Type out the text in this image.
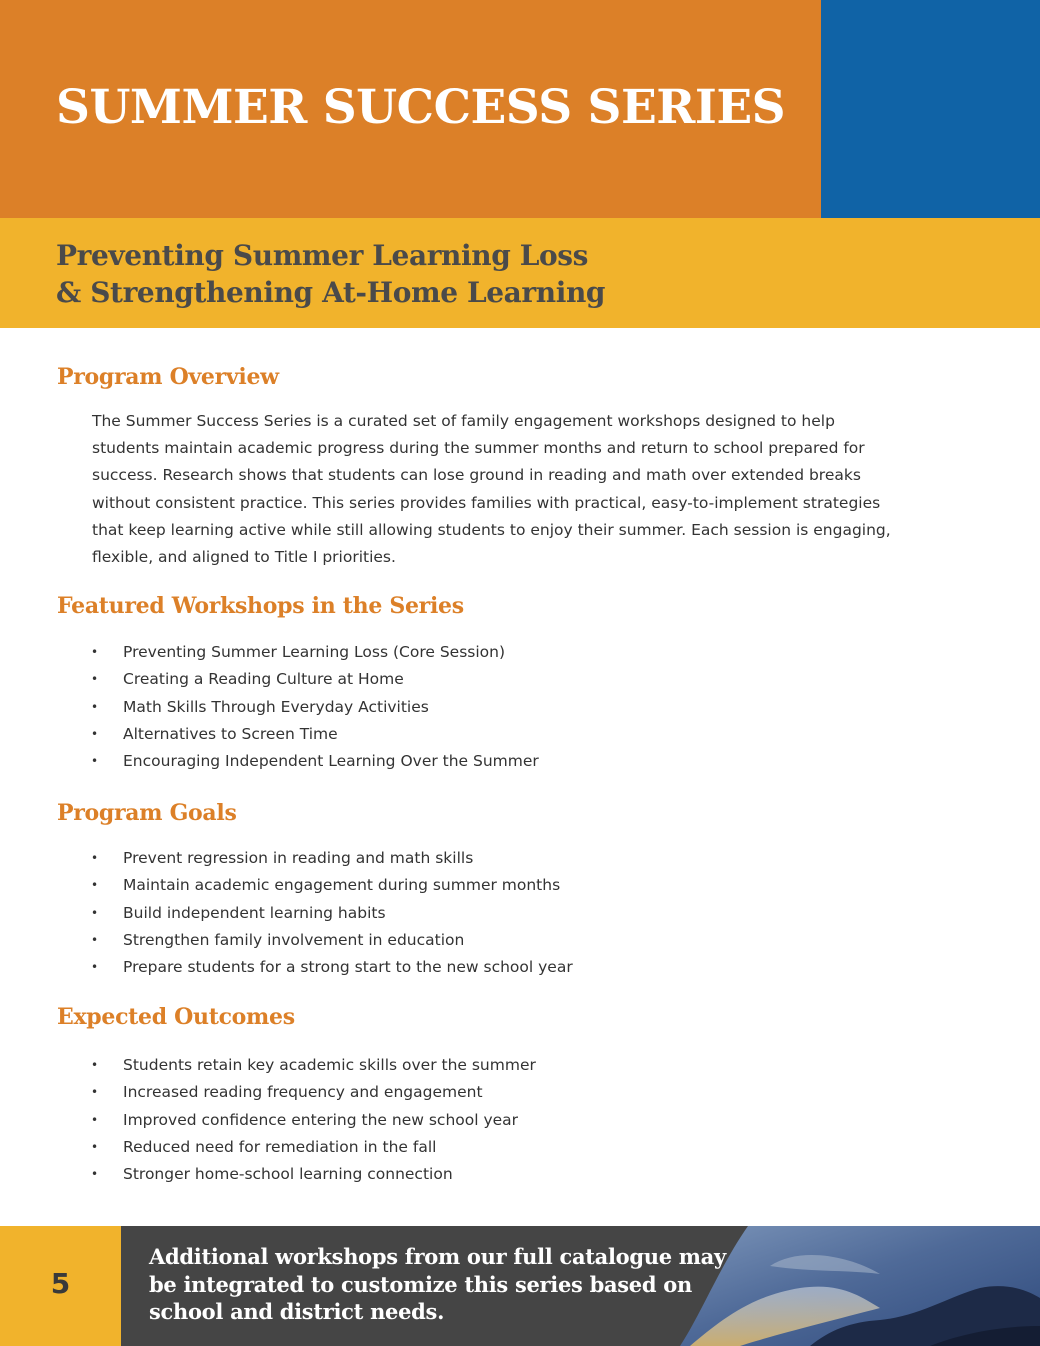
SUMMER SUCCESS SERIES
Preventing Summer Learning Loss
& Strengthening At-Home Learning
Program Overview

The Summer Success Series is a curated set of family engagement workshops designed to help students maintain academic progress during the summer months and return to school prepared for success. Research shows that students can lose ground in reading and math over extended breaks without consistent practice. This series provides families with practical, easy-to-implement strategies that keep learning active while still allowing students to enjoy their summer. Each session is engaging, flexible, and aligned to Title I priorities.

Featured Workshops in the Series
• Preventing Summer Learning Loss (Core Session)
• Creating a Reading Culture at Home
• Math Skills Through Everyday Activities
• Alternatives to Screen Time
• Encouraging Independent Learning Over the Summer
Program Goals
• Prevent regression in reading and math skills
• Maintain academic engagement during summer months
• Build independent learning habits
• Strengthen family involvement in education
• Prepare students for a strong start to the new school year
Expected Outcomes
• Students retain key academic skills over the summer
• Increased reading frequency and engagement
• Improved confidence entering the new school year
• Reduced need for remediation in the fall
• Stronger home-school learning connection

5

Additional workshops from our full catalogue may
be integrated to customize this series based on
school and district needs.
